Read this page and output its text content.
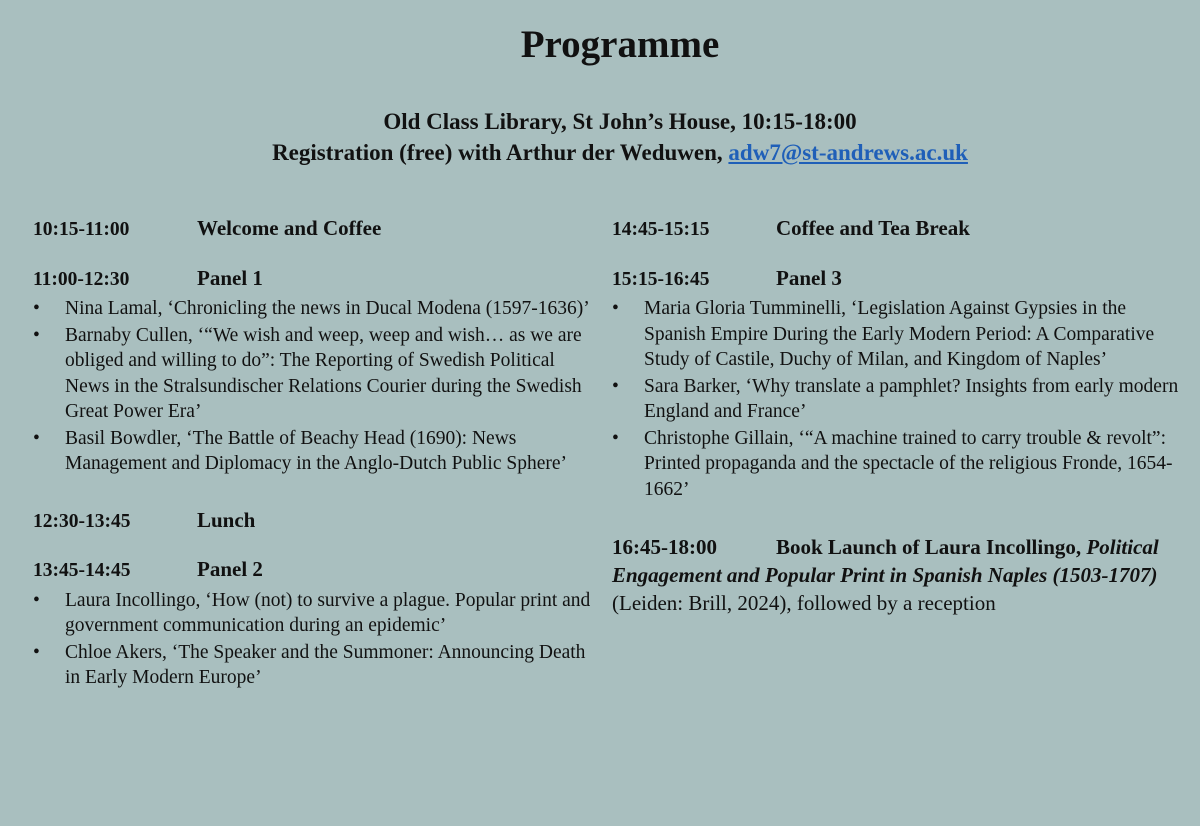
Programme
Old Class Library, St John’s House, 10:15-18:00
Registration (free) with Arthur der Weduwen, adw7@st-andrews.ac.uk
10:15-11:00	Welcome and Coffee
11:00-12:30	Panel 1
• Nina Lamal, ‘Chronicling the news in Ducal Modena (1597-1636)’
• Barnaby Cullen, ‘“We wish and weep, weep and wish… as we are obliged and willing to do”: The Reporting of Swedish Political News in the Stralsundischer Relations Courier during the Swedish Great Power Era’
• Basil Bowdler, ‘The Battle of Beachy Head (1690): News Management and Diplomacy in the Anglo-Dutch Public Sphere’
12:30-13:45	Lunch
13:45-14:45	Panel 2
• Laura Incollingo, ‘How (not) to survive a plague. Popular print and government communication during an epidemic’
• Chloe Akers, ‘The Speaker and the Summoner: Announcing Death in Early Modern Europe’
14:45-15:15	Coffee and Tea Break
15:15-16:45	Panel 3
• Maria Gloria Tumminelli, ‘Legislation Against Gypsies in the Spanish Empire During the Early Modern Period: A Comparative Study of Castile, Duchy of Milan, and Kingdom of Naples’
• Sara Barker, ‘Why translate a pamphlet? Insights from early modern England and France’
• Christophe Gillain, ‘“A machine trained to carry trouble & revolt”: Printed propaganda and the spectacle of the religious Fronde, 1654-1662’
16:45-18:00	Book Launch of Laura Incollingo, Political Engagement and Popular Print in Spanish Naples (1503-1707) (Leiden: Brill, 2024), followed by a reception
